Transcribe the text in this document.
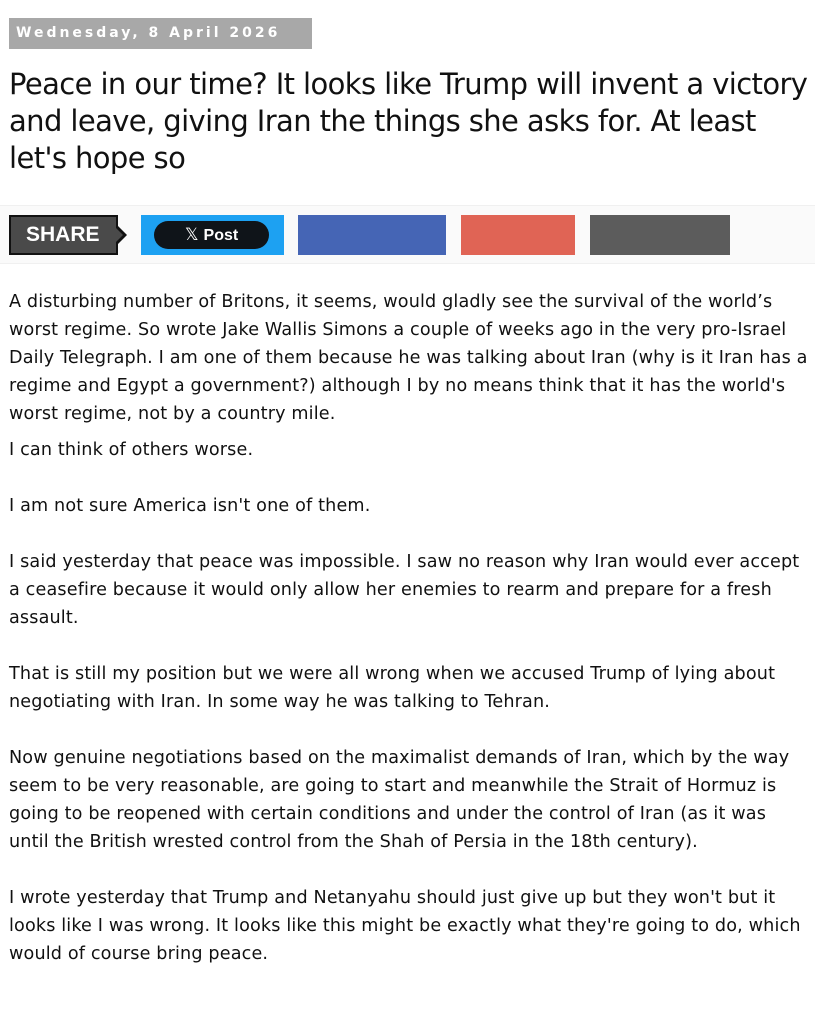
Wednesday, 8 April 2026
Peace in our time? It looks like Trump will invent a victory and leave, giving Iran the things she asks for. At least let's hope so
SHARE	𝕏 Post

A disturbing number of Britons, it seems, would gladly see the survival of the world’s worst regime. So wrote Jake Wallis Simons a couple of weeks ago in the very pro-Israel Daily Telegraph. I am one of them because he was talking about Iran (why is it Iran has a regime and Egypt a government?) although I by no means think that it has the world's worst regime, not by a country mile.

I can think of others worse.

I am not sure America isn't one of them.

I said yesterday that peace was impossible. I saw no reason why Iran would ever accept a ceasefire because it would only allow her enemies to rearm and prepare for a fresh assault.

That is still my position but we were all wrong when we accused Trump of lying about negotiating with Iran. In some way he was talking to Tehran.

Now genuine negotiations based on the maximalist demands of Iran, which by the way seem to be very reasonable, are going to start and meanwhile the Strait of Hormuz is going to be reopened with certain conditions and under the control of Iran (as it was until the British wrested control from the Shah of Persia in the 18th century).

I wrote yesterday that Trump and Netanyahu should just give up but they won't but it looks like I was wrong. It looks like this might be exactly what they're going to do, which would of course bring peace.
